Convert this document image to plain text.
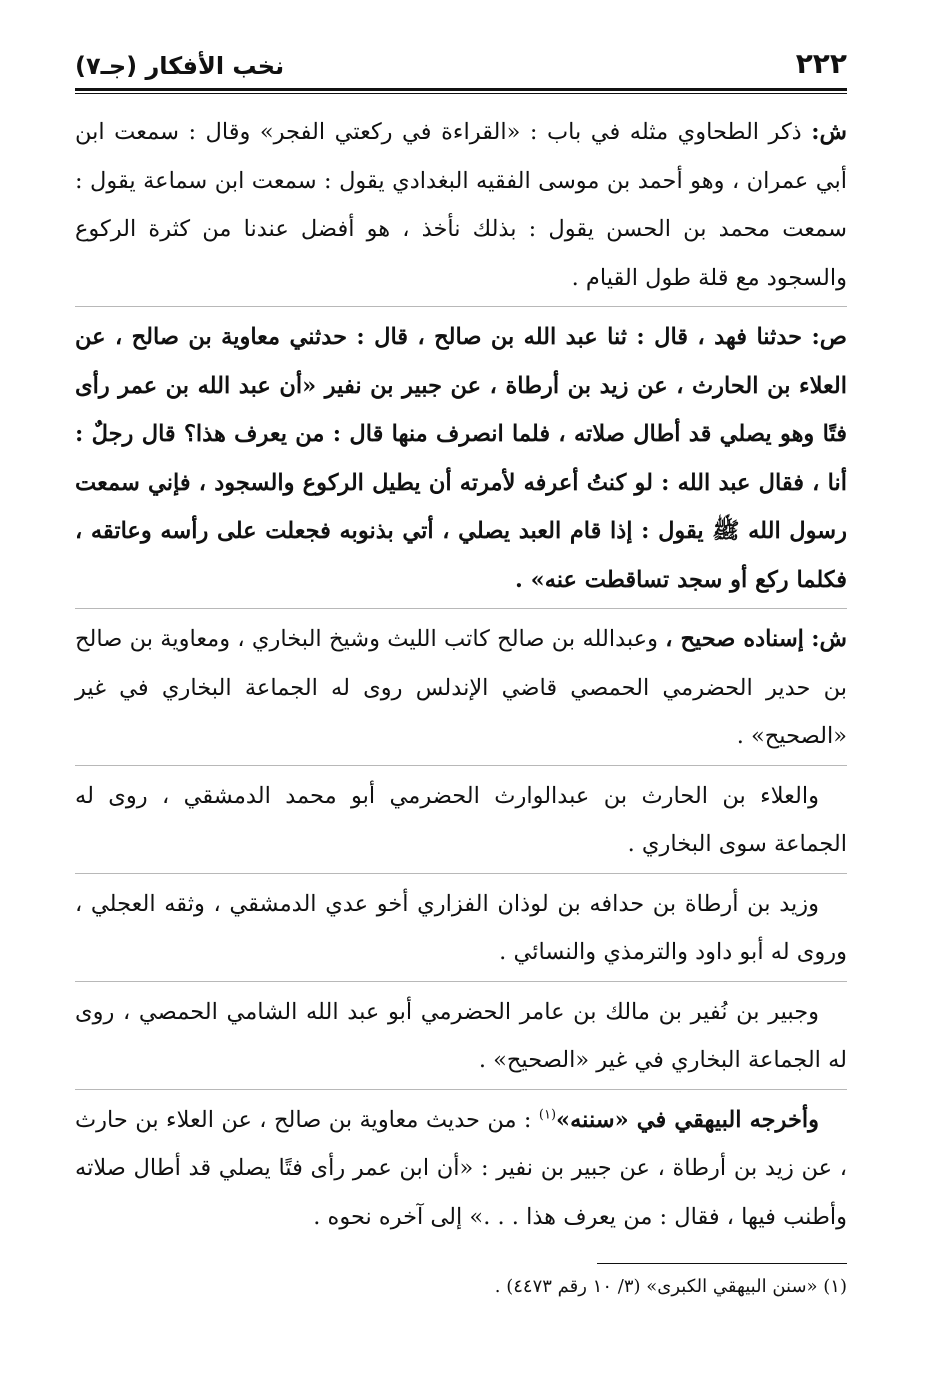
٢٢٢
نخب الأفكار (جـ٧)

ش: ذكر الطحاوي مثله في باب : «القراءة في ركعتي الفجر» وقال : سمعت ابن أبي عمران ، وهو أحمد بن موسى الفقيه البغدادي يقول : سمعت ابن سماعة يقول : سمعت محمد بن الحسن يقول : بذلك نأخذ ، هو أفضل عندنا من كثرة الركوع والسجود مع قلة طول القيام .

ص: حدثنا فهد ، قال : ثنا عبد الله بن صالح ، قال : حدثني معاوية بن صالح ، عن العلاء بن الحارث ، عن زيد بن أرطاة ، عن جبير بن نفير «أن عبد الله بن عمر رأى فتًا وهو يصلي قد أطال صلاته ، فلما انصرف منها قال : من يعرف هذا؟ قال رجلٌ : أنا ، فقال عبد الله : لو كنتُ أعرفه لأمرته أن يطيل الركوع والسجود ، فإني سمعت رسول الله ﷺ يقول : إذا قام العبد يصلي ، أتي بذنوبه فجعلت على رأسه وعاتقه ، فكلما ركع أو سجد تساقطت عنه» .

ش: إسناده صحيح ، وعبدالله بن صالح كاتب الليث وشيخ البخاري ، ومعاوية بن صالح بن حدير الحضرمي الحمصي قاضي الإندلس روى له الجماعة البخاري في غير «الصحيح» .

والعلاء بن الحارث بن عبدالوارث الحضرمي أبو محمد الدمشقي ، روى له الجماعة سوى البخاري .

وزيد بن أرطاة بن حدافه بن لوذان الفزاري أخو عدي الدمشقي ، وثقه العجلي ، وروى له أبو داود والترمذي والنسائي .

وجبير بن نُفير بن مالك بن عامر الحضرمي أبو عبد الله الشامي الحمصي ، روى له الجماعة البخاري في غير «الصحيح» .

وأخرجه البيهقي في «سننه»$^{(١)}$ : من حديث معاوية بن صالح ، عن العلاء بن حارث ، عن زيد بن أرطاة ، عن جبير بن نفير : «أن ابن عمر رأى فتًا يصلي قد أطال صلاته وأطنب فيها ، فقال : من يعرف هذا . . .» إلى آخره نحوه .

(١) «سنن البيهقي الكبرى» (٣/ ١٠ رقم ٤٤٧٣) .
